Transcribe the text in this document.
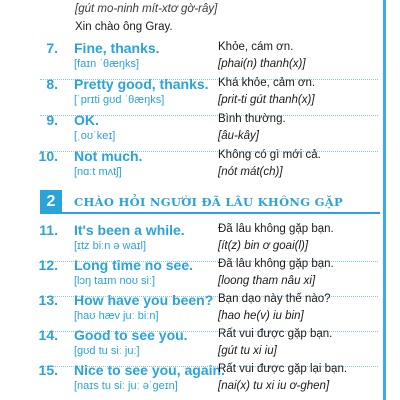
[gút mo-ninh mít-xtơ gờ-rây]
Xin chào ông Gray.
7. Fine, thanks.
[faɪn ˈθæŋks]
Khỏe, cám ơn.
[phai(n) thanh(x)]
8. Pretty good, thanks.
[ˈprɪti ɡʊd ˈθæŋks]
Khá khỏe, cảm ơn.
[prit-ti gút thanh(x)]
9. OK.
[ˌoʊˈkeɪ]
Bình thường.
[âu-kây]
10. Not much.
[nɑːt mʌtʃ]
Không có gì mới cả.
[nót mát(ch)]
2	CHÀO HỎI NGƯỜI ĐÃ LÂU KHÔNG GẶP
11. It's been a while.
[ɪtz biːn ə waɪl]
Đã lâu không gặp bạn.
[ít(z) bin ơ goai(l)]
12. Long time no see.
[lɔŋ taɪm noʊ siː]
Đã lâu không gặp bạn.
[loong tham nâu xi]
13. How have you been?
[haʊ hæv juː biːn]
Bạn dạo này thế nào?
[hao he(v) iu bin]
14. Good to see you.
[ɡʊd tu siː juː]
Rất vui được gặp bạn.
[gút tu xi iu]
15. Nice to see you, again.
[naɪs tu siː juː əˈɡeɪn]
Rất vui được gặp lại bạn.
[nai(x) tu xi iu ơ-ghen]
